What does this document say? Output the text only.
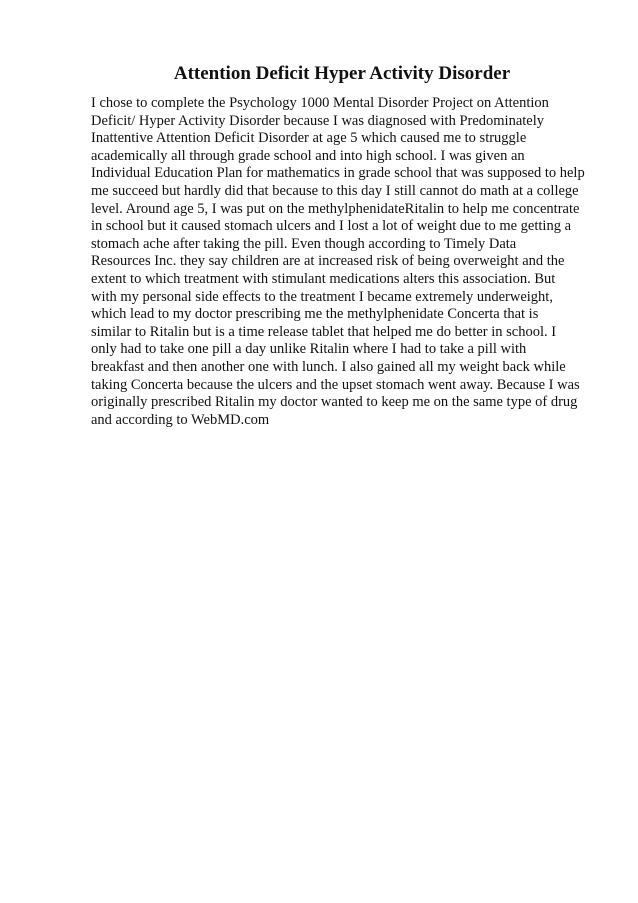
Attention Deficit Hyper Activity Disorder
I chose to complete the Psychology 1000 Mental Disorder Project on Attention
Deficit/ Hyper Activity Disorder because I was diagnosed with Predominately
Inattentive Attention Deficit Disorder at age 5 which caused me to struggle
academically all through grade school and into high school. I was given an
Individual Education Plan for mathematics in grade school that was supposed to help
me succeed but hardly did that because to this day I still cannot do math at a college
level. Around age 5, I was put on the methylphenidateRitalin to help me concentrate
in school but it caused stomach ulcers and I lost a lot of weight due to me getting a
stomach ache after taking the pill. Even though according to Timely Data
Resources Inc. they say children are at increased risk of being overweight and the
extent to which treatment with stimulant medications alters this association. But
with my personal side effects to the treatment I became extremely underweight,
which lead to my doctor prescribing me the methylphenidate Concerta that is
similar to Ritalin but is a time release tablet that helped me do better in school. I
only had to take one pill a day unlike Ritalin where I had to take a pill with
breakfast and then another one with lunch. I also gained all my weight back while
taking Concerta because the ulcers and the upset stomach went away. Because I was
originally prescribed Ritalin my doctor wanted to keep me on the same type of drug
and according to WebMD.com
